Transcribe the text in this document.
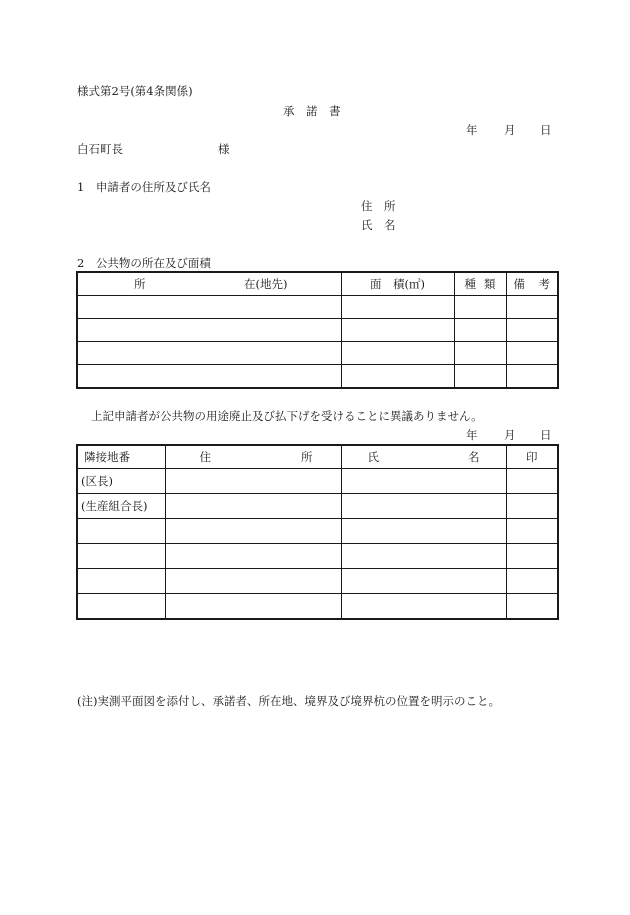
様式第2号(第4条関係)
承　諾　書
年 月 日
白石町長	様
1　申請者の住所及び氏名
住　所
氏　名
2　公共物の所在及び面積
所 在(地先)	面　積(㎡)	種 類	備 考

上記申請者が公共物の用途廃止及び払下げを受けることに異議ありません。
年 月 日
隣接地番	住 所	氏 名	印
(区長)			
(生産組合長)			

(注)実測平面図を添付し、承諾者、所在地、境界及び境界杭の位置を明示のこと。
